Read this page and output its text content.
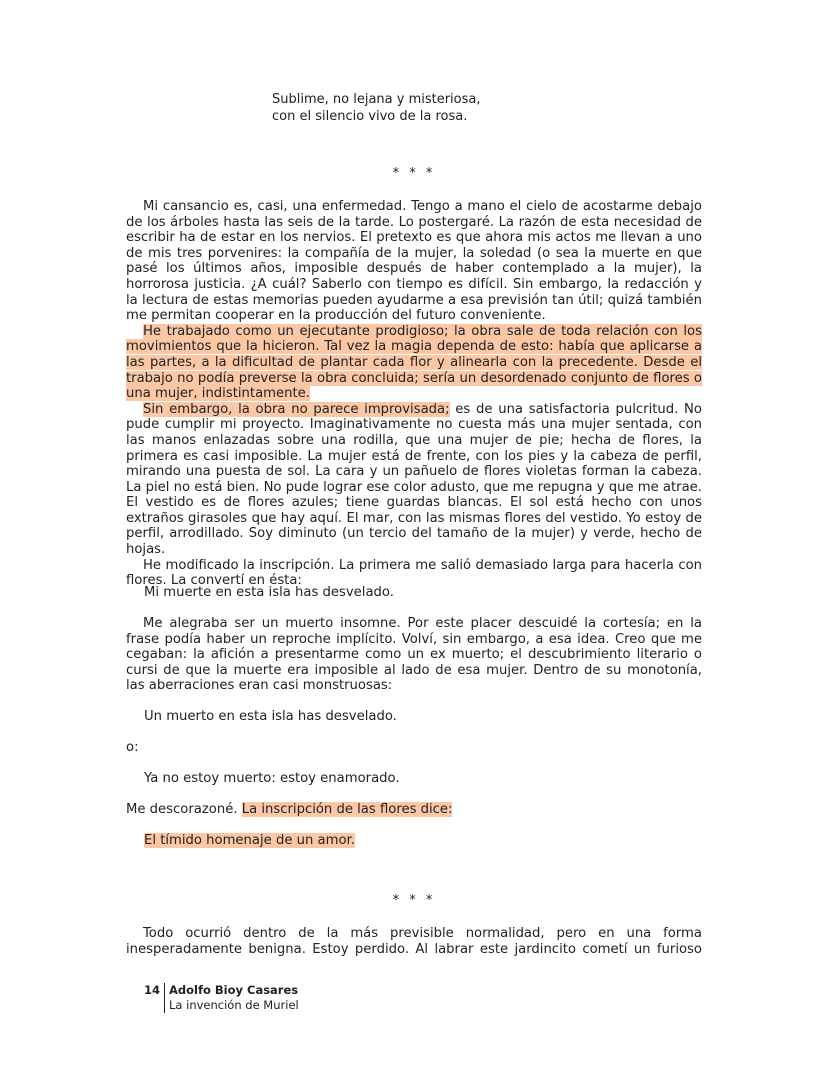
Sublime, no lejana y misteriosa,
con el silencio vivo de la rosa.
* * *

Mi cansancio es, casi, una enfermedad. Tengo a mano el cielo de acostarme debajo de los árboles hasta las seis de la tarde. Lo postergaré. La razón de esta necesidad de escribir ha de estar en los nervios. El pretexto es que ahora mis actos me llevan a uno de mis tres porvenires: la compañía de la mujer, la soledad (o sea la muerte en que pasé los últimos años, imposible después de haber contemplado a la mujer), la horrorosa justicia. ¿A cuál? Saberlo con tiempo es difícil. Sin embargo, la redacción y la lectura de estas memorias pueden ayudarme a esa previsión tan útil; quizá también me permitan cooperar en la producción del futuro conveniente.

He trabajado como un ejecutante prodigioso; la obra sale de toda relación con los movimientos que la hicieron. Tal vez la magia dependa de esto: había que aplicarse a las partes, a la dificultad de plantar cada flor y alinearla con la precedente. Desde el trabajo no podía preverse la obra concluida; sería un desordenado conjunto de flores o una mujer, indistintamente.

Sin embargo, la obra no parece improvisada; es de una satisfactoria pulcritud. No pude cumplir mi proyecto. Imaginativamente no cuesta más una mujer sentada, con las manos enlazadas sobre una rodilla, que una mujer de pie; hecha de flores, la primera es casi imposible. La mujer está de frente, con los pies y la cabeza de perfil, mirando una puesta de sol. La cara y un pañuelo de flores violetas forman la cabeza. La piel no está bien. No pude lograr ese color adusto, que me repugna y que me atrae. El vestido es de flores azules; tiene guardas blancas. El sol está hecho con unos extraños girasoles que hay aquí. El mar, con las mismas flores del vestido. Yo estoy de perfil, arrodillado. Soy diminuto (un tercio del tamaño de la mujer) y verde, hecho de hojas.

He modificado la inscripción. La primera me salió demasiado larga para hacerla con flores. La convertí en ésta:

Mi muerte en esta isla has desvelado.

Me alegraba ser un muerto insomne. Por este placer descuidé la cortesía; en la frase podía haber un reproche implícito. Volví, sin embargo, a esa idea. Creo que me cegaban: la afición a presentarme como un ex muerto; el descubrimiento literario o cursi de que la muerte era imposible al lado de esa mujer. Dentro de su monotonía, las aberraciones eran casi monstruosas:

Un muerto en esta isla has desvelado.
o:
Ya no estoy muerto: estoy enamorado.
Me descorazoné. La inscripción de las flores dice:
El tímido homenaje de un amor.
* * *

Todo ocurrió dentro de la más previsible normalidad, pero en una forma inesperadamente benigna. Estoy perdido. Al labrar este jardincito cometí un furioso

14 Adolfo Bioy Casares
La invención de Muriel
